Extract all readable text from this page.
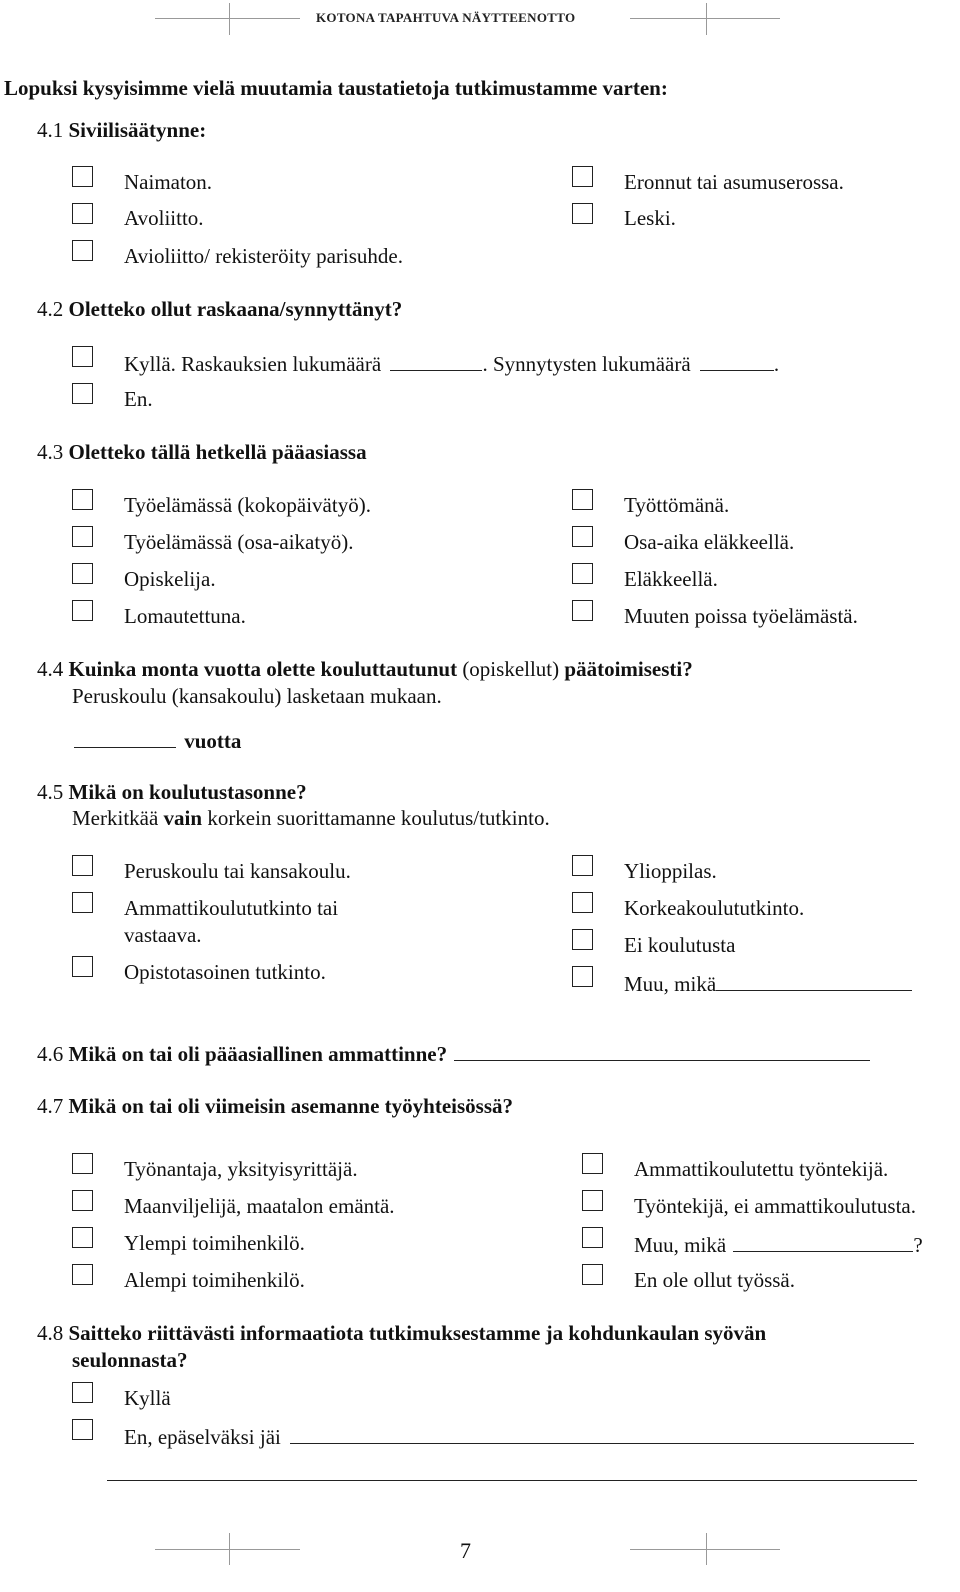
KOTONA TAPAHTUVA NÄYTTEENOTTO
Lopuksi kysyisimme vielä muutamia taustatietoja tutkimustamme varten:
4.1 Siviilisäätynne:
Naimaton.
Avoliitto.
Avioliitto/ rekisteröity parisuhde.
Eronnut tai asumuserossa.
Leski.
4.2 Oletteko ollut raskaana/synnyttänyt?
Kyllä. Raskauksien lukumäärä	. Synnytysten lukumäärä	.
En.
4.3 Oletteko tällä hetkellä pääasiassa
Työelämässä (kokopäivätyö).
Työelämässä (osa-aikatyö).
Opiskelija.
Lomautettuna.
Työttömänä.
Osa-aika eläkkeellä.
Eläkkeellä.
Muuten poissa työelämästä.
4.4 Kuinka monta vuotta olette kouluttautunut (opiskellut) päätoimisesti?
Peruskoulu (kansakoulu) lasketaan mukaan.
vuotta
4.5 Mikä on koulutustasonne?
Merkitkää vain korkein suorittamanne koulutus/tutkinto.
Peruskoulu tai kansakoulu.
Ammattikoulututkinto tai
vastaava.
Opistotasoinen tutkinto.
Ylioppilas.
Korkeakoulututkinto.
Ei koulutusta
Muu, mikä
4.6 Mikä on tai oli pääasiallinen ammattinne?
4.7 Mikä on tai oli viimeisin asemanne työyhteisössä?
Työnantaja, yksityisyrittäjä.
Maanviljelijä, maatalon emäntä.
Ylempi toimihenkilö.
Alempi toimihenkilö.
Ammattikoulutettu työntekijä.
Työntekijä, ei ammattikoulutusta.
Muu, mikä	?
En ole ollut työssä.
4.8 Saitteko riittävästi informaatiota tutkimuksestamme ja kohdunkaulan syövän
seulonnasta?
Kyllä
En, epäselväksi jäi
7
